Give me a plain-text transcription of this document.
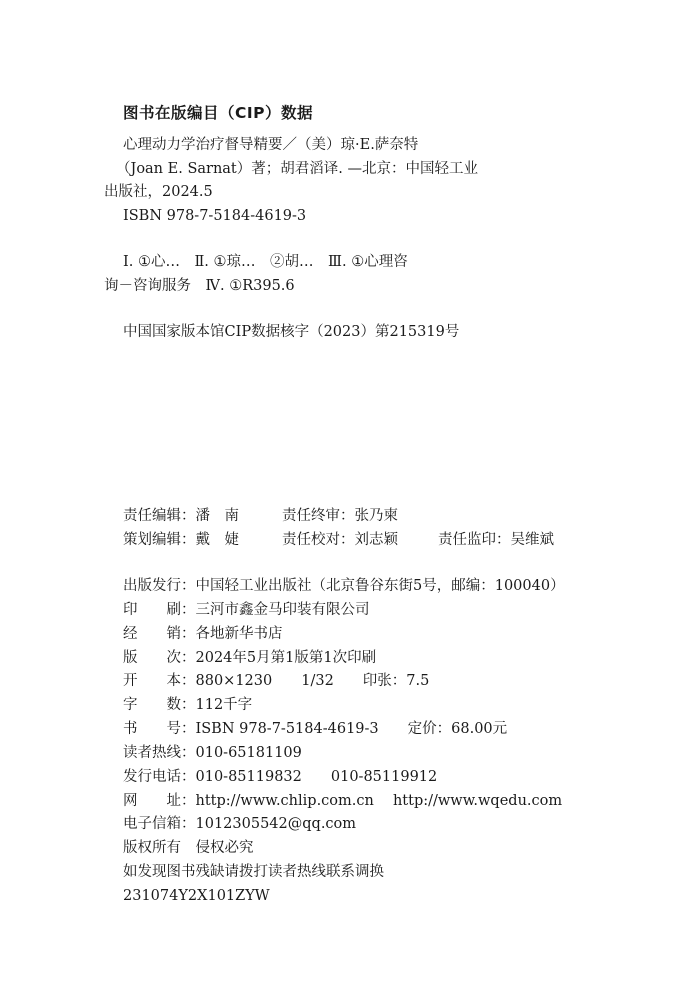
图书在版编目（CIP）数据
心理动力学治疗督导精要／（美）琼·E.萨奈特
（Joan E. Sarnat）著；胡君滔译. —北京：中国轻工业
出版社，2024.5
ISBN 978-7-5184-4619-3
Ⅰ. ①心…　Ⅱ. ①琼…　②胡…　Ⅲ. ①心理咨
询－咨询服务　Ⅳ. ①R395.6
中国国家版本馆CIP数据核字（2023）第215319号
责任编辑：潘　南	责任终审：张乃柬
策划编辑：戴　婕	责任校对：刘志颖	责任监印：吴维斌
出版发行：中国轻工业出版社（北京鲁谷东街5号，邮编：100040）
印　　刷：三河市鑫金马印装有限公司
经　　销：各地新华书店
版　　次：2024年5月第1版第1次印刷
开　　本：880×1230　　1/32　　印张：7.5
字　　数：112千字
书　　号：ISBN 978-7-5184-4619-3　　定价：68.00元
读者热线：010-65181109
发行电话：010-85119832　　010-85119912
网　　址：http://www.chlip.com.cn　 http://www.wqedu.com
电子信箱：1012305542@qq.com
版权所有　侵权必究
如发现图书残缺请拨打读者热线联系调换
231074Y2X101ZYW
